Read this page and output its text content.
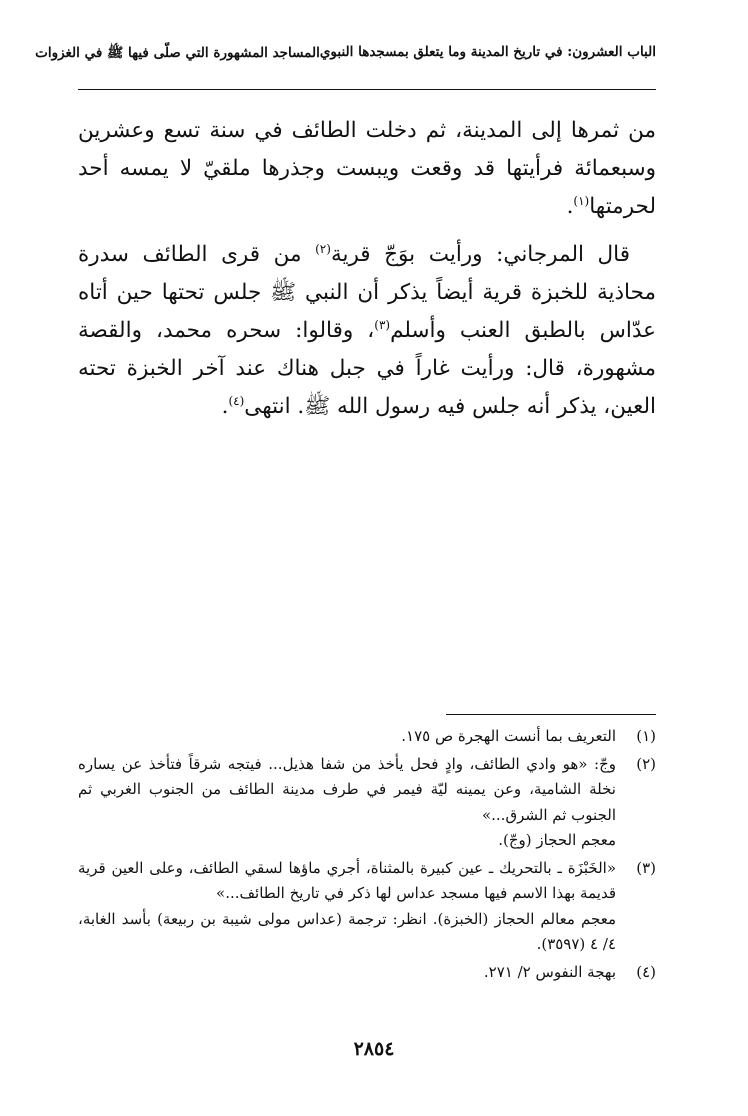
الباب العشرون: في تاريخ المدينة وما يتعلق بمسجدها النبوي
المساجد المشهورة التي صلّى فيها ﷺ في الغزوات

من ثمرها إلى المدينة، ثم دخلت الطائف في سنة تسع وعشرين وسبعمائة فرأيتها قد وقعت ويبست وجذرها ملقيّ لا يمسه أحد لحرمتها$^{(١)}$.

قال المرجاني: ورأيت بوَجّ قرية$^{(٢)}$ من قرى الطائف سدرة محاذية للخبزة قرية أيضاً يذكر أن النبي ﷺ جلس تحتها حين أتاه عدّاس بالطبق العنب وأسلم$^{(٣)}$، وقالوا: سحره محمد، والقصة مشهورة، قال: ورأيت غاراً في جبل هناك عند آخر الخبزة تحته العين، يذكر أنه جلس فيه رسول الله ﷺ. انتهى$^{(٤)}$.

(١)
التعريف بما أنست الهجرة ص ١٧٥.
(٢)
وجّ: «هو وادي الطائف، وادٍ فحل يأخذ من شفا هذيل... فيتجه شرقاً فتأخذ عن يساره نخلة الشامية، وعن يمينه ليّة فيمر في طرف مدينة الطائف من الجنوب الغربي ثم الجنوب ثم الشرق...»
معجم الحجاز (وجّ).
(٣)
«الخَبْزَة ـ بالتحريك ـ عين كبيرة بالمثناة، أجري ماؤها لسقي الطائف، وعلى العين قرية قديمة بهذا الاسم فيها مسجد عداس لها ذكر في تاريخ الطائف...»
معجم معالم الحجاز (الخبزة). انظر: ترجمة (عداس مولى شيبة بن ربيعة) بأسد الغابة، ٤/ ٤ (٣٥٩٧).
(٤)
بهجة النفوس ٢/ ٢٧١.
٢٨٥٤
